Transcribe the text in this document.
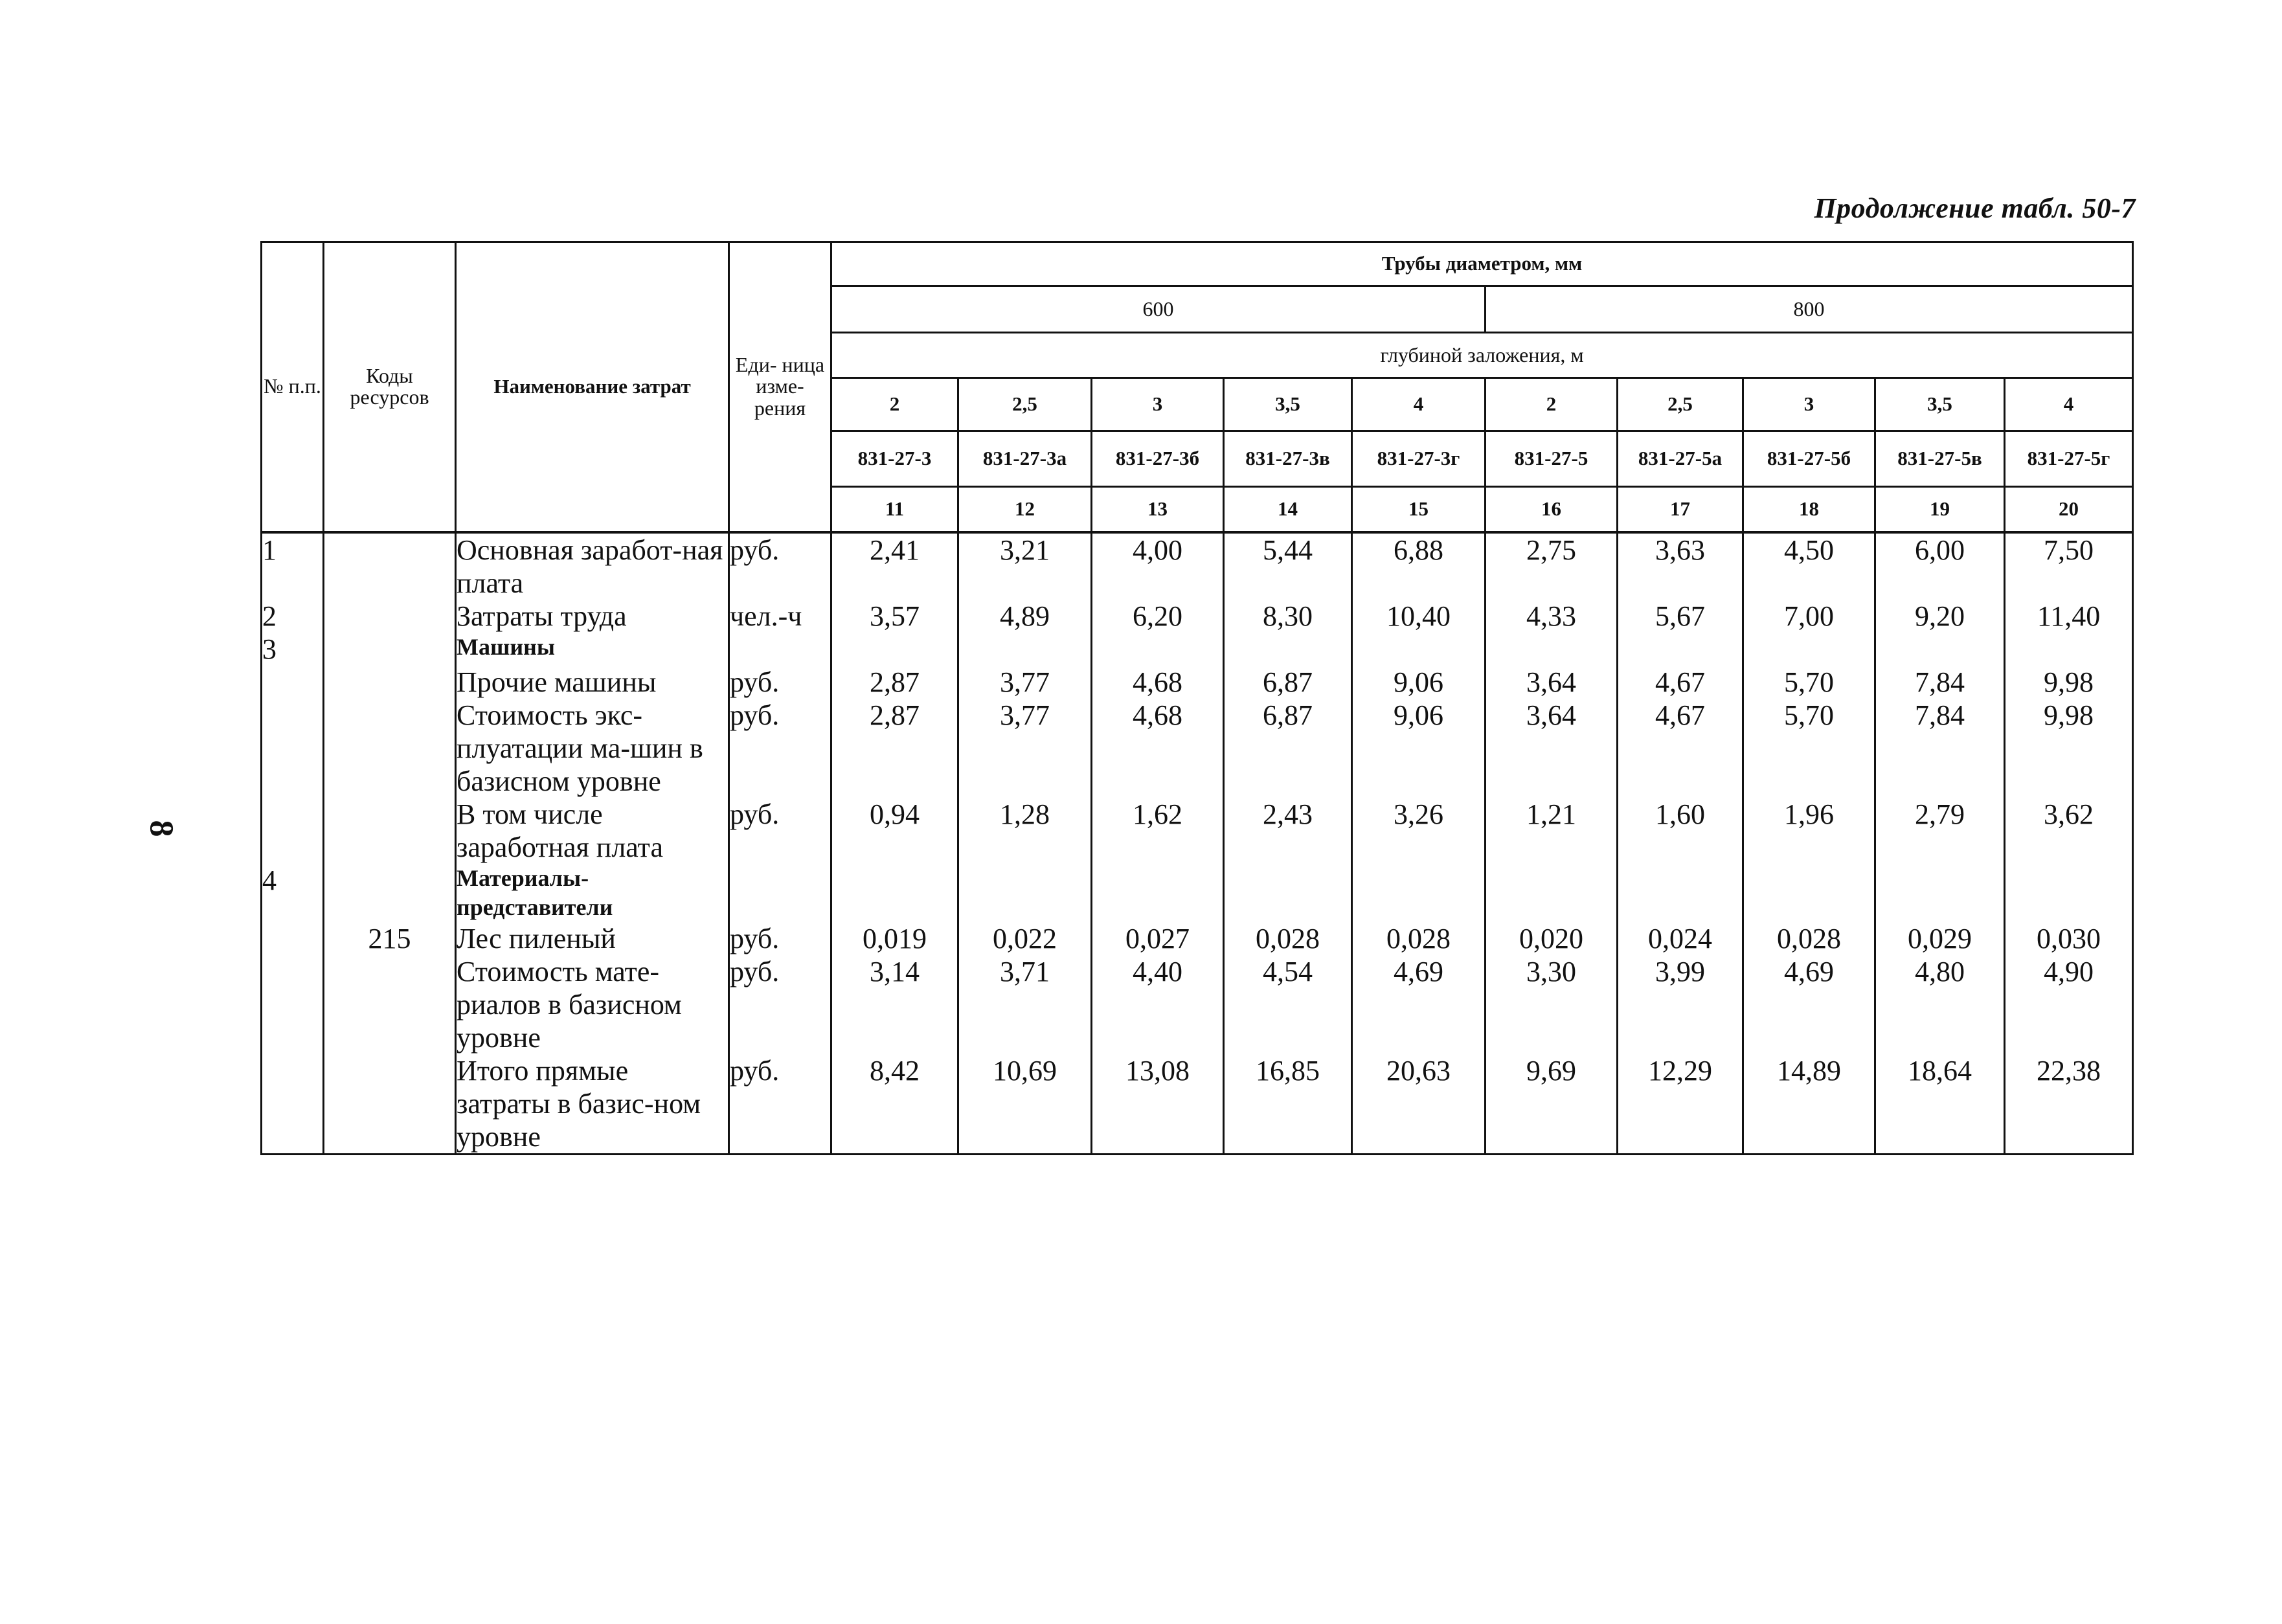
Продолжение табл. 50-7
8
№ п.п.	Коды ресурсов	Наименование затрат	Еди- ница изме- рения	Трубы диаметром, мм									
				600					800				
				глубиной заложения, м									
				2	2,5	3	3,5	4	2	2,5	3	3,5	4
				831-27-3	831-27-3а	831-27-3б	831-27-3в	831-27-3г	831-27-5	831-27-5а	831-27-5б	831-27-5в	831-27-5г
				11	12	13	14	15	16	17	18	19	20
1		Основная заработ-ная плата	руб.	2,41	3,21	4,00	5,44	6,88	2,75	3,63	4,50	6,00	7,50
2		Затраты труда	чел.-ч	3,57	4,89	6,20	8,30	10,40	4,33	5,67	7,00	9,20	11,40
3		Машины											
		Прочие машины	руб.	2,87	3,77	4,68	6,87	9,06	3,64	4,67	5,70	7,84	9,98
		Стоимость экс-плуатации ма-шин в базисном уровне	руб.	2,87	3,77	4,68	6,87	9,06	3,64	4,67	5,70	7,84	9,98
		В том числе заработная плата	руб.	0,94	1,28	1,62	2,43	3,26	1,21	1,60	1,96	2,79	3,62
4		Материалы-представители											
	215	Лес пиленый	руб.	0,019	0,022	0,027	0,028	0,028	0,020	0,024	0,028	0,029	0,030
		Стоимость мате-риалов в базисном уровне	руб.	3,14	3,71	4,40	4,54	4,69	3,30	3,99	4,69	4,80	4,90
		Итого прямые затраты в базис-ном уровне	руб.	8,42	10,69	13,08	16,85	20,63	9,69	12,29	14,89	18,64	22,38
